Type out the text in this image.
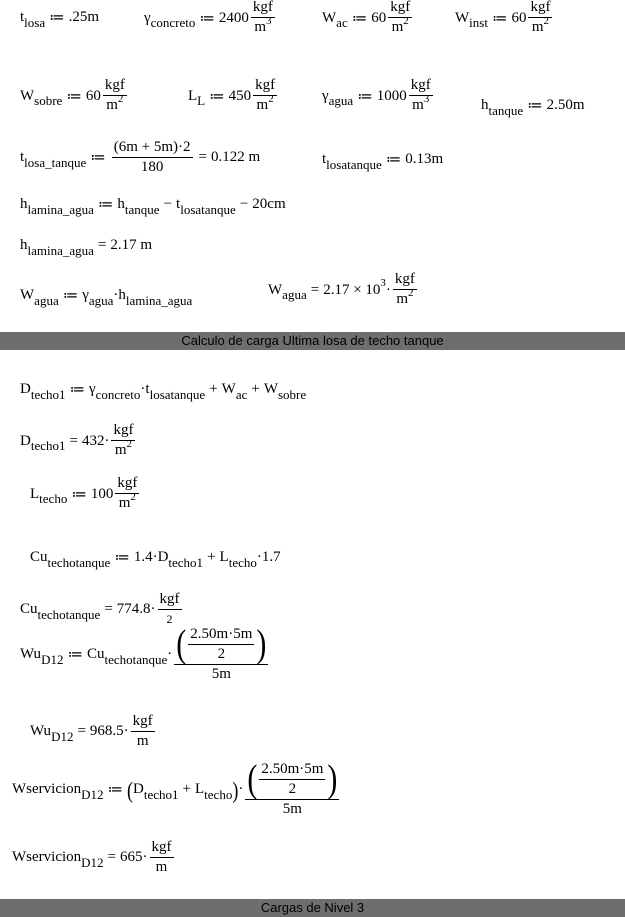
t losa ≔ .25m	γ concreto ≔ $2400 \frac{\text{kgf}}{m^3}$	W ac ≔ $60 \frac{\text{kgf}}{m^2}$	W inst ≔ $60 \frac{\text{kgf}}{m^2}$
W sobre ≔ $60 \frac{\text{kgf}}{m^2}$	L L ≔ $450 \frac{\text{kgf}}{m^2}$	γ agua ≔ $1000 \frac{\text{kgf}}{m^3}$	h tanque ≔ 2.50m
t losa_tanque ≔ $\frac{(6m + 5m)\cdot 2}{180} = 0.122$ m	t losatanque ≔ 0.13m
h lamina_agua ≔ h tanque − t losatanque − 20cm
h lamina_agua = 2.17 m
W agua ≔ γ agua · h lamina_agua
W agua = 2.17 × 10 $3 \cdot \frac{\text{kgf}}{m^2}$
Calculo de carga Ultima losa de techo tanque
D techo1 ≔ γ concreto · t losatanque + W ac + W sobre
D techo1 = $432 \cdot \frac{\text{kgf}}{m^2}$
L techo ≔ $100 \frac{\text{kgf}}{m^2}$
Cu techotanque ≔ 1.4·D techo1 + L techo ·1.7
Cu techotanque = $774.8 \cdot \frac{\text{kgf}}{2}$
Wu D12 ≔ Cu techotanque · $\frac{( \frac{2.50m\cdot 5m}{2} )}{5m}$
Wu $D12 = 968.5 \cdot \frac{\text{kgf}}{m}$
Wservicion D12 ≔ ( D techo1 + L techo ) · $\frac{( \frac{2.50m\cdot 5m}{2} )}{5m}$
Wservicion $D12 = 665 \cdot \frac{\text{kgf}}{m}$
Cargas de Nivel 3
